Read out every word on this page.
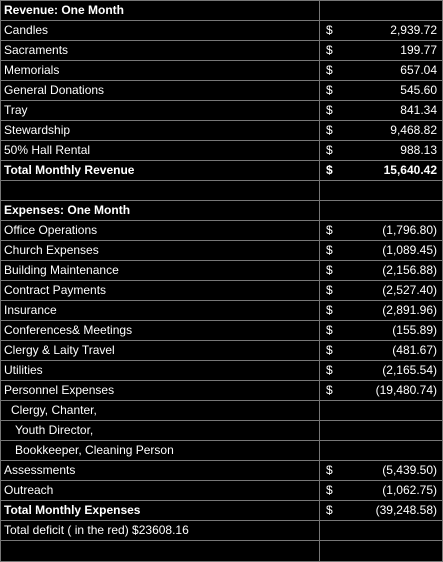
Revenue: One Month
Candles	$	2,939.72
Sacraments	$	199.77
Memorials	$	657.04
General Donations	$	545.60
Tray	$	841.34
Stewardship	$	9,468.82
50% Hall Rental	$	988.13
Total Monthly Revenue	$	15,640.42
Expenses: One Month
Office Operations	$	(1,796.80)
Church Expenses	$	(1,089.45)
Building Maintenance	$	(2,156.88)
Contract Payments	$	(2,527.40)
Insurance	$	(2,891.96)
Conferences& Meetings	$	(155.89)
Clergy & Laity Travel	$	(481.67)
Utilities	$	(2,165.54)
Personnel Expenses	$	(19,480.74)
Clergy, Chanter,
Youth Director,
Bookkeeper, Cleaning Person
Assessments	$	(5,439.50)
Outreach	$	(1,062.75)
Total Monthly Expenses	$	(39,248.58)
Total deficit ( in the red) $23608.16
